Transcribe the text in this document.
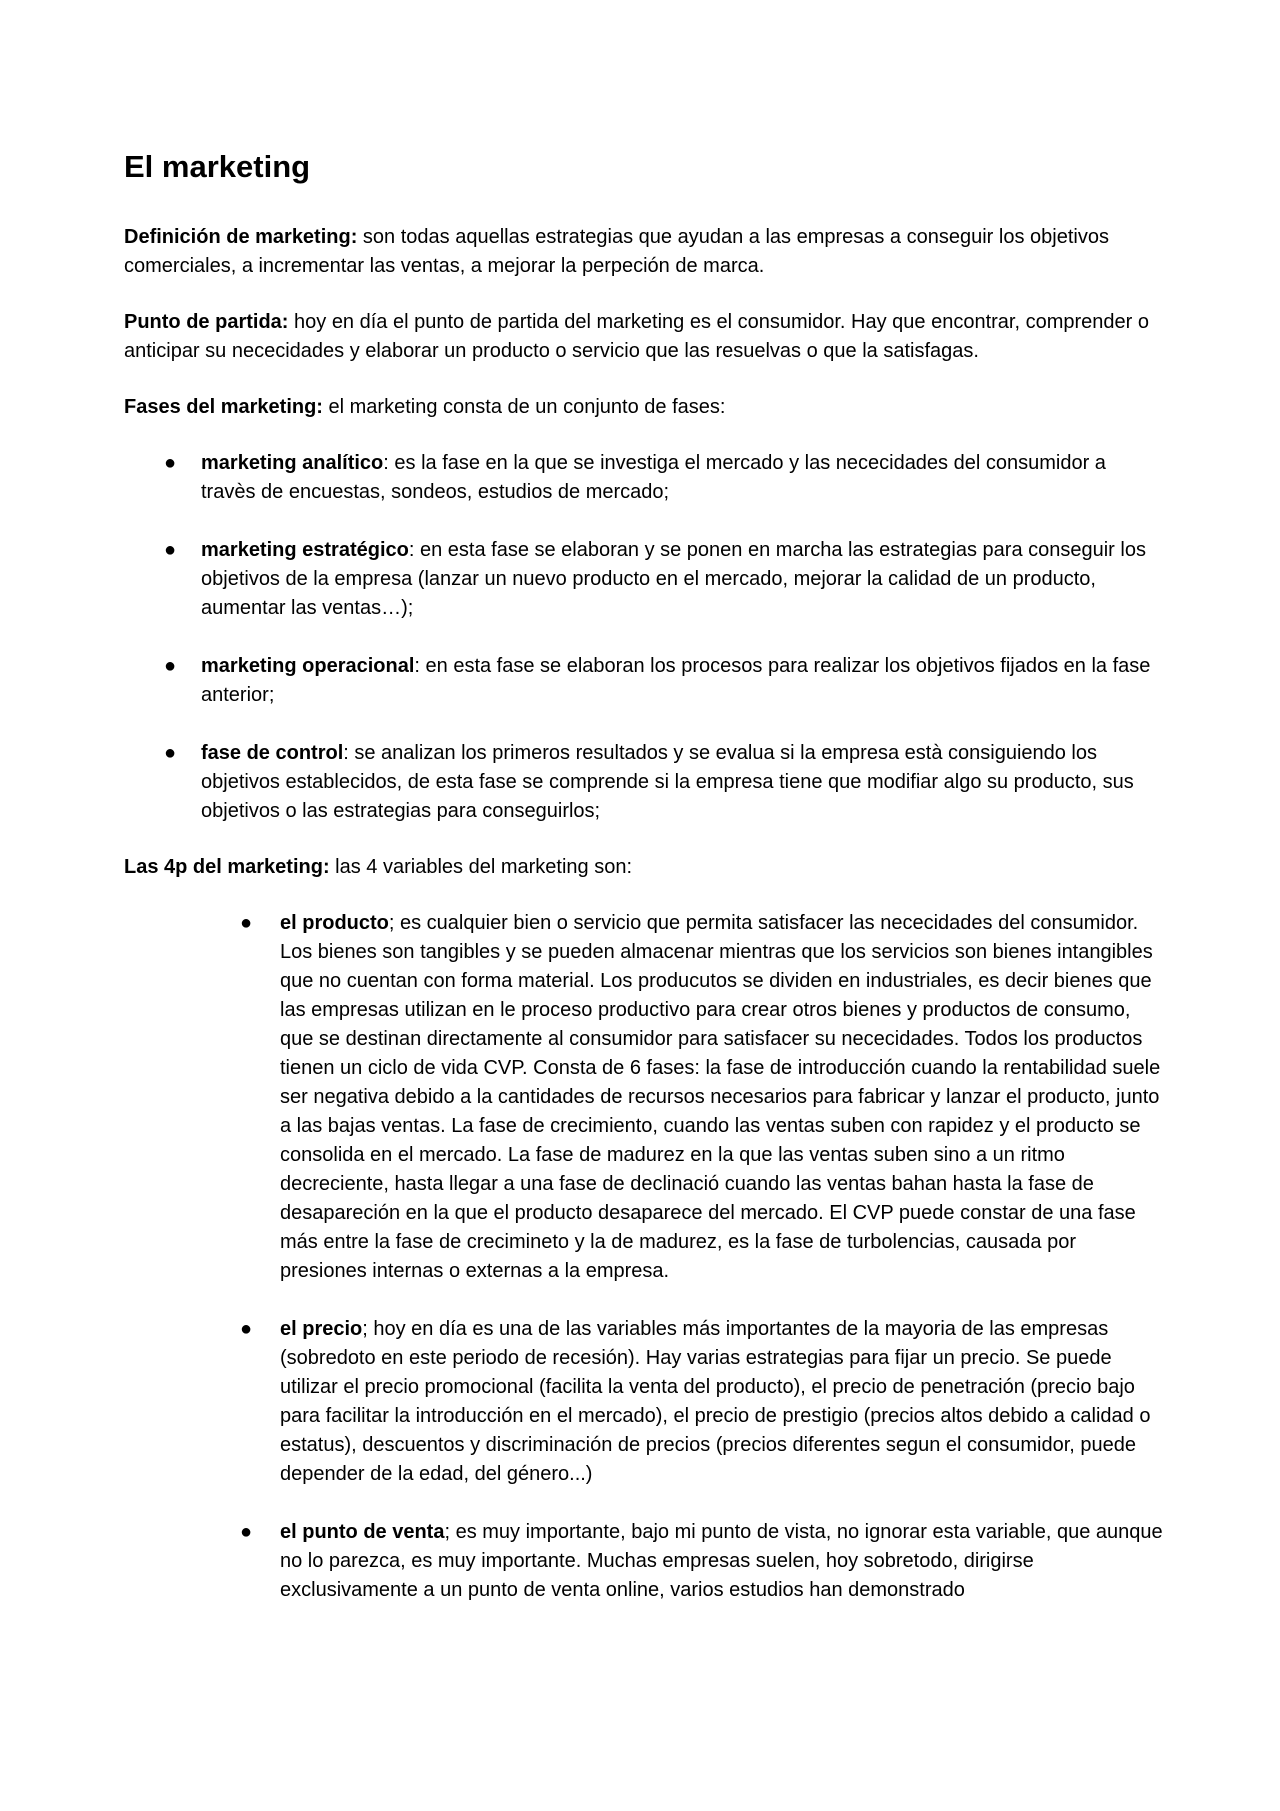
El marketing

Definición de marketing: son todas aquellas estrategias que ayudan a las empresas a conseguir los objetivos comerciales, a incrementar las ventas, a mejorar la perpeción de marca.

Punto de partida: hoy en día el punto de partida del marketing es el consumidor. Hay que encontrar, comprender o anticipar su nececidades y elaborar un producto o servicio que las resuelvas o que la satisfagas.

Fases del marketing: el marketing consta de un conjunto de fases:

● marketing analítico: es la fase en la que se investiga el mercado y las nececidades del consumidor a travès de encuestas, sondeos, estudios de mercado;
● marketing estratégico: en esta fase se elaboran y se ponen en marcha las estrategias para conseguir los objetivos de la empresa (lanzar un nuevo producto en el mercado, mejorar la calidad de un producto, aumentar las ventas…);
● marketing operacional: en esta fase se elaboran los procesos para realizar los objetivos fijados en la fase anterior;
● fase de control: se analizan los primeros resultados y se evalua si la empresa està consiguiendo los objetivos establecidos, de esta fase se comprende si la empresa tiene que modifiar algo su producto, sus objetivos o las estrategias para conseguirlos;

Las 4p del marketing: las 4 variables del marketing son:

● el producto; es cualquier bien o servicio que permita satisfacer las nececidades del consumidor. Los bienes son tangibles y se pueden almacenar mientras que los servicios son bienes intangibles que no cuentan con forma material. Los producutos se dividen en industriales, es decir bienes que las empresas utilizan en le proceso productivo para crear otros bienes y productos de consumo, que se destinan directamente al consumidor para satisfacer su nececidades. Todos los productos tienen un ciclo de vida CVP. Consta de 6 fases: la fase de introducción cuando la rentabilidad suele ser negativa debido a la cantidades de recursos necesarios para fabricar y lanzar el producto, junto a las bajas ventas. La fase de crecimiento, cuando las ventas suben con rapidez y el producto se consolida en el mercado. La fase de madurez en la que las ventas suben sino a un ritmo decreciente, hasta llegar a una fase de declinació cuando las ventas bahan hasta la fase de desapareción en la que el producto desaparece del mercado. El CVP puede constar de una fase más entre la fase de crecimineto y la de madurez, es la fase de turbolencias, causada por presiones internas o externas a la empresa.
● el precio; hoy en día es una de las variables más importantes de la mayoria de las empresas (sobredoto en este periodo de recesión). Hay varias estrategias para fijar un precio. Se puede utilizar el precio promocional (facilita la venta del producto), el precio de penetración (precio bajo para facilitar la introducción en el mercado), el precio de prestigio (precios altos debido a calidad o estatus), descuentos y discriminación de precios (precios diferentes segun el consumidor, puede depender de la edad, del género...)
● el punto de venta; es muy importante, bajo mi punto de vista, no ignorar esta variable, que aunque no lo parezca, es muy importante. Muchas empresas suelen, hoy sobretodo, dirigirse exclusivamente a un punto de venta online, varios estudios han demonstrado
